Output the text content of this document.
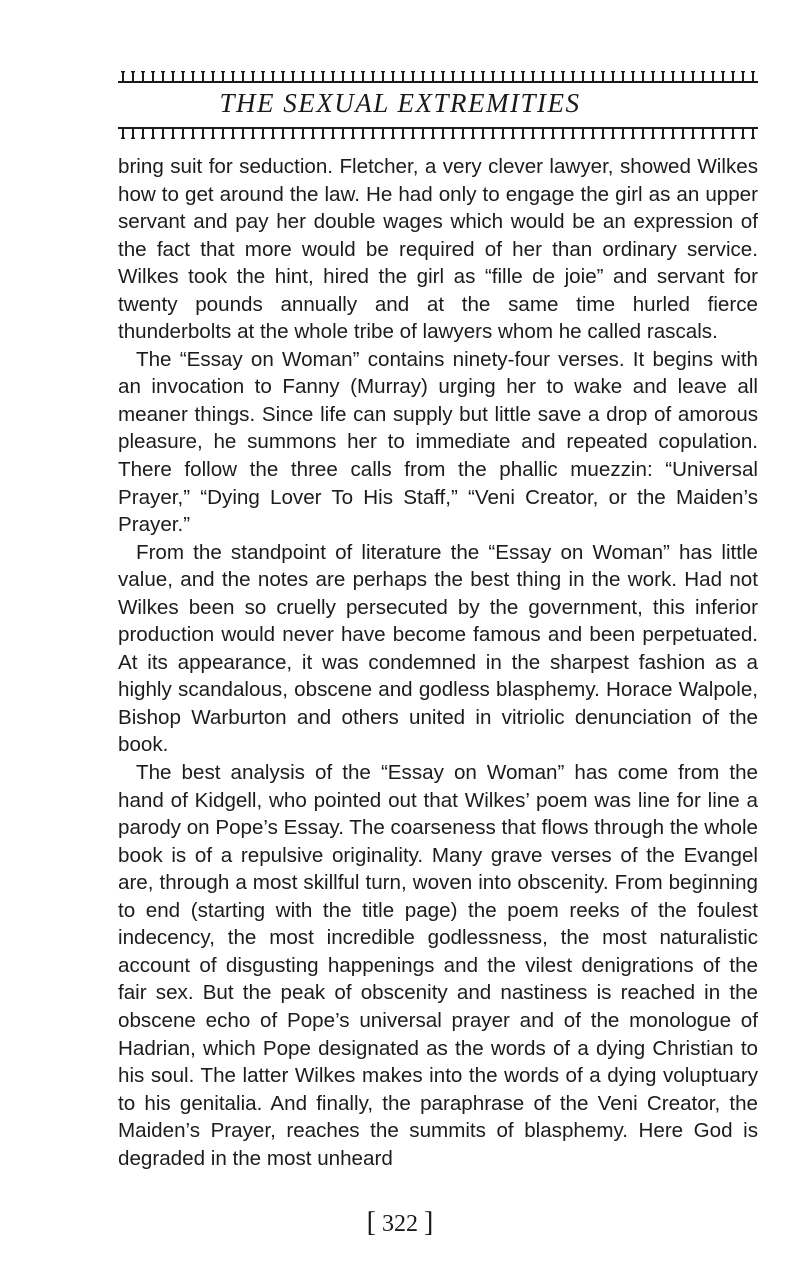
THE SEXUAL EXTREMITIES

bring suit for seduction. Fletcher, a very clever lawyer, showed Wilkes how to get around the law. He had only to engage the girl as an upper servant and pay her double wages which would be an expression of the fact that more would be required of her than ordinary service. Wilkes took the hint, hired the girl as “fille de joie” and servant for twenty pounds annually and at the same time hurled fierce thunderbolts at the whole tribe of lawyers whom he called rascals.

The “Essay on Woman” contains ninety-four verses. It begins with an invocation to Fanny (Murray) urging her to wake and leave all meaner things. Since life can supply but little save a drop of amorous pleasure, he summons her to immediate and repeated copulation. There follow the three calls from the phallic muezzin: “Universal Prayer,” “Dying Lover To His Staff,” “Veni Creator, or the Maiden’s Prayer.”

From the standpoint of literature the “Essay on Woman” has little value, and the notes are perhaps the best thing in the work. Had not Wilkes been so cruelly persecuted by the government, this inferior production would never have become famous and been perpetuated. At its appearance, it was condemned in the sharpest fashion as a highly scandalous, obscene and godless blasphemy. Horace Walpole, Bishop Warburton and others united in vitriolic denunciation of the book.

The best analysis of the “Essay on Woman” has come from the hand of Kidgell, who pointed out that Wilkes’ poem was line for line a parody on Pope’s Essay. The coarseness that flows through the whole book is of a repulsive originality. Many grave verses of the Evangel are, through a most skillful turn, woven into obscenity. From beginning to end (starting with the title page) the poem reeks of the foulest indecency, the most incredible godlessness, the most naturalistic account of disgusting happenings and the vilest denigrations of the fair sex. But the peak of obscenity and nastiness is reached in the obscene echo of Pope’s universal prayer and of the monologue of Hadrian, which Pope designated as the words of a dying Christian to his soul. The latter Wilkes makes into the words of a dying voluptuary to his genitalia. And finally, the paraphrase of the Veni Creator, the Maiden’s Prayer, reaches the summits of blasphemy. Here God is degraded in the most unheard

[ 322 ]
